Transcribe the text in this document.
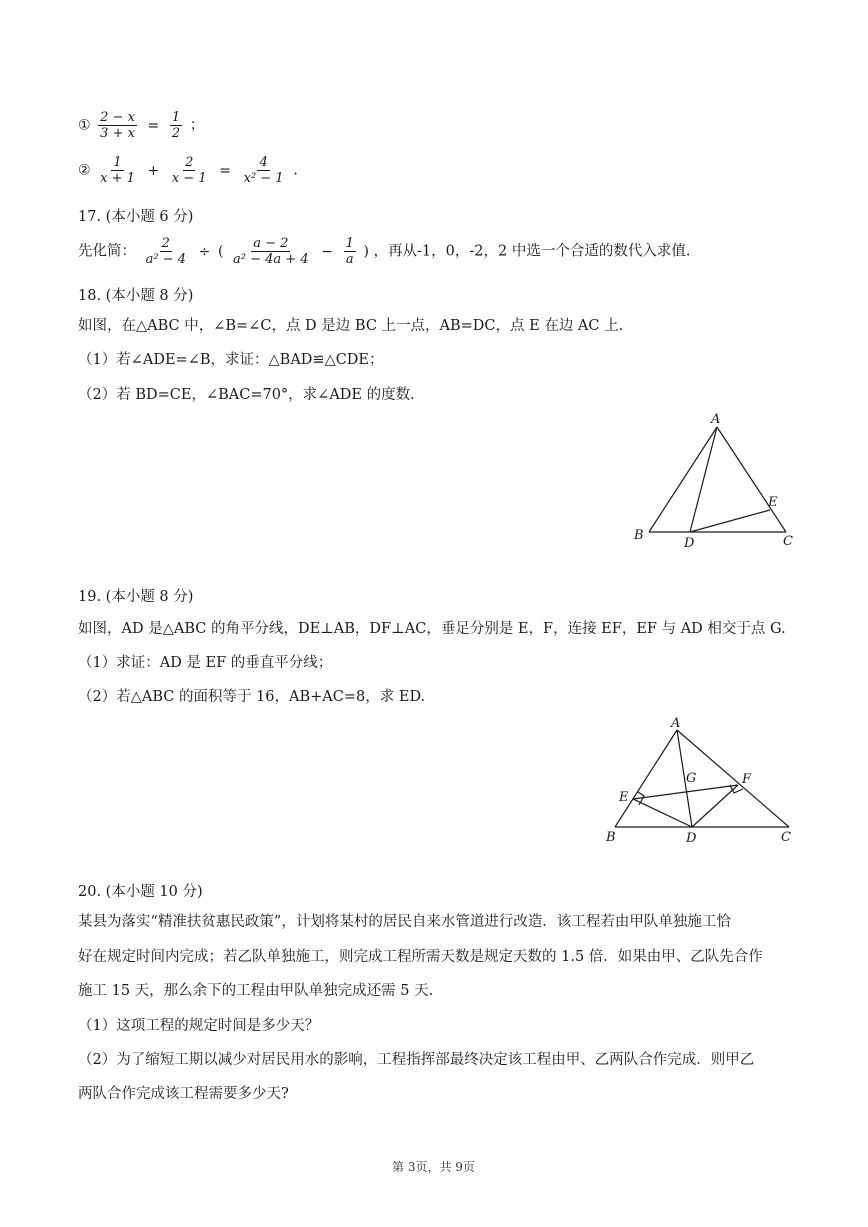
① $\frac{2 - x}{3 + x} = \frac{1}{2}$ ；
② $\frac{1}{x + 1} + \frac{2}{x - 1} = \frac{4}{\text{x² − 1}}$ .
17. (本小题 6 分)
先化简： $\frac{2}{\text{a² − 4}}$ ÷ ( $\frac{a - 2}{\text{a² − 4a + 4}} - \frac{1}{a}$ ) ，再从-1，0，-2，2 中选一个合适的数代入求值.
18. (本小题 8 分)
如图，在△ABC 中，∠B=∠C，点 D 是边 BC 上一点，AB=DC，点 E 在边 AC 上.
（1）若∠ADE=∠B，求证：△BAD≌△CDE；
（2）若 BD=CE，∠BAC=70°，求∠ADE 的度数.
A
B	C
D
E
19. (本小题 8 分)
如图，AD 是△ABC 的角平分线，DE⊥AB，DF⊥AC，垂足分别是 E，F，连接 EF，EF 与 AD 相交于点 G.
（1）求证：AD 是 EF 的垂直平分线；
（2）若△ABC 的面积等于 16，AB+AC=8，求 ED.
A
B	C
D
E
F
G
20. (本小题 10 分)
某县为落实“精准扶贫惠民政策”，计划将某村的居民自来水管道进行改造．该工程若由甲队单独施工恰
好在规定时间内完成；若乙队单独施工，则完成工程所需天数是规定天数的 1.5 倍．如果由甲、乙队先合作
施工 15 天，那么余下的工程由甲队单独完成还需 5 天.
（1）这项工程的规定时间是多少天？
（2）为了缩短工期以减少对居民用水的影响，工程指挥部最终决定该工程由甲、乙两队合作完成．则甲乙
两队合作完成该工程需要多少天?
第 3页，共 9页
